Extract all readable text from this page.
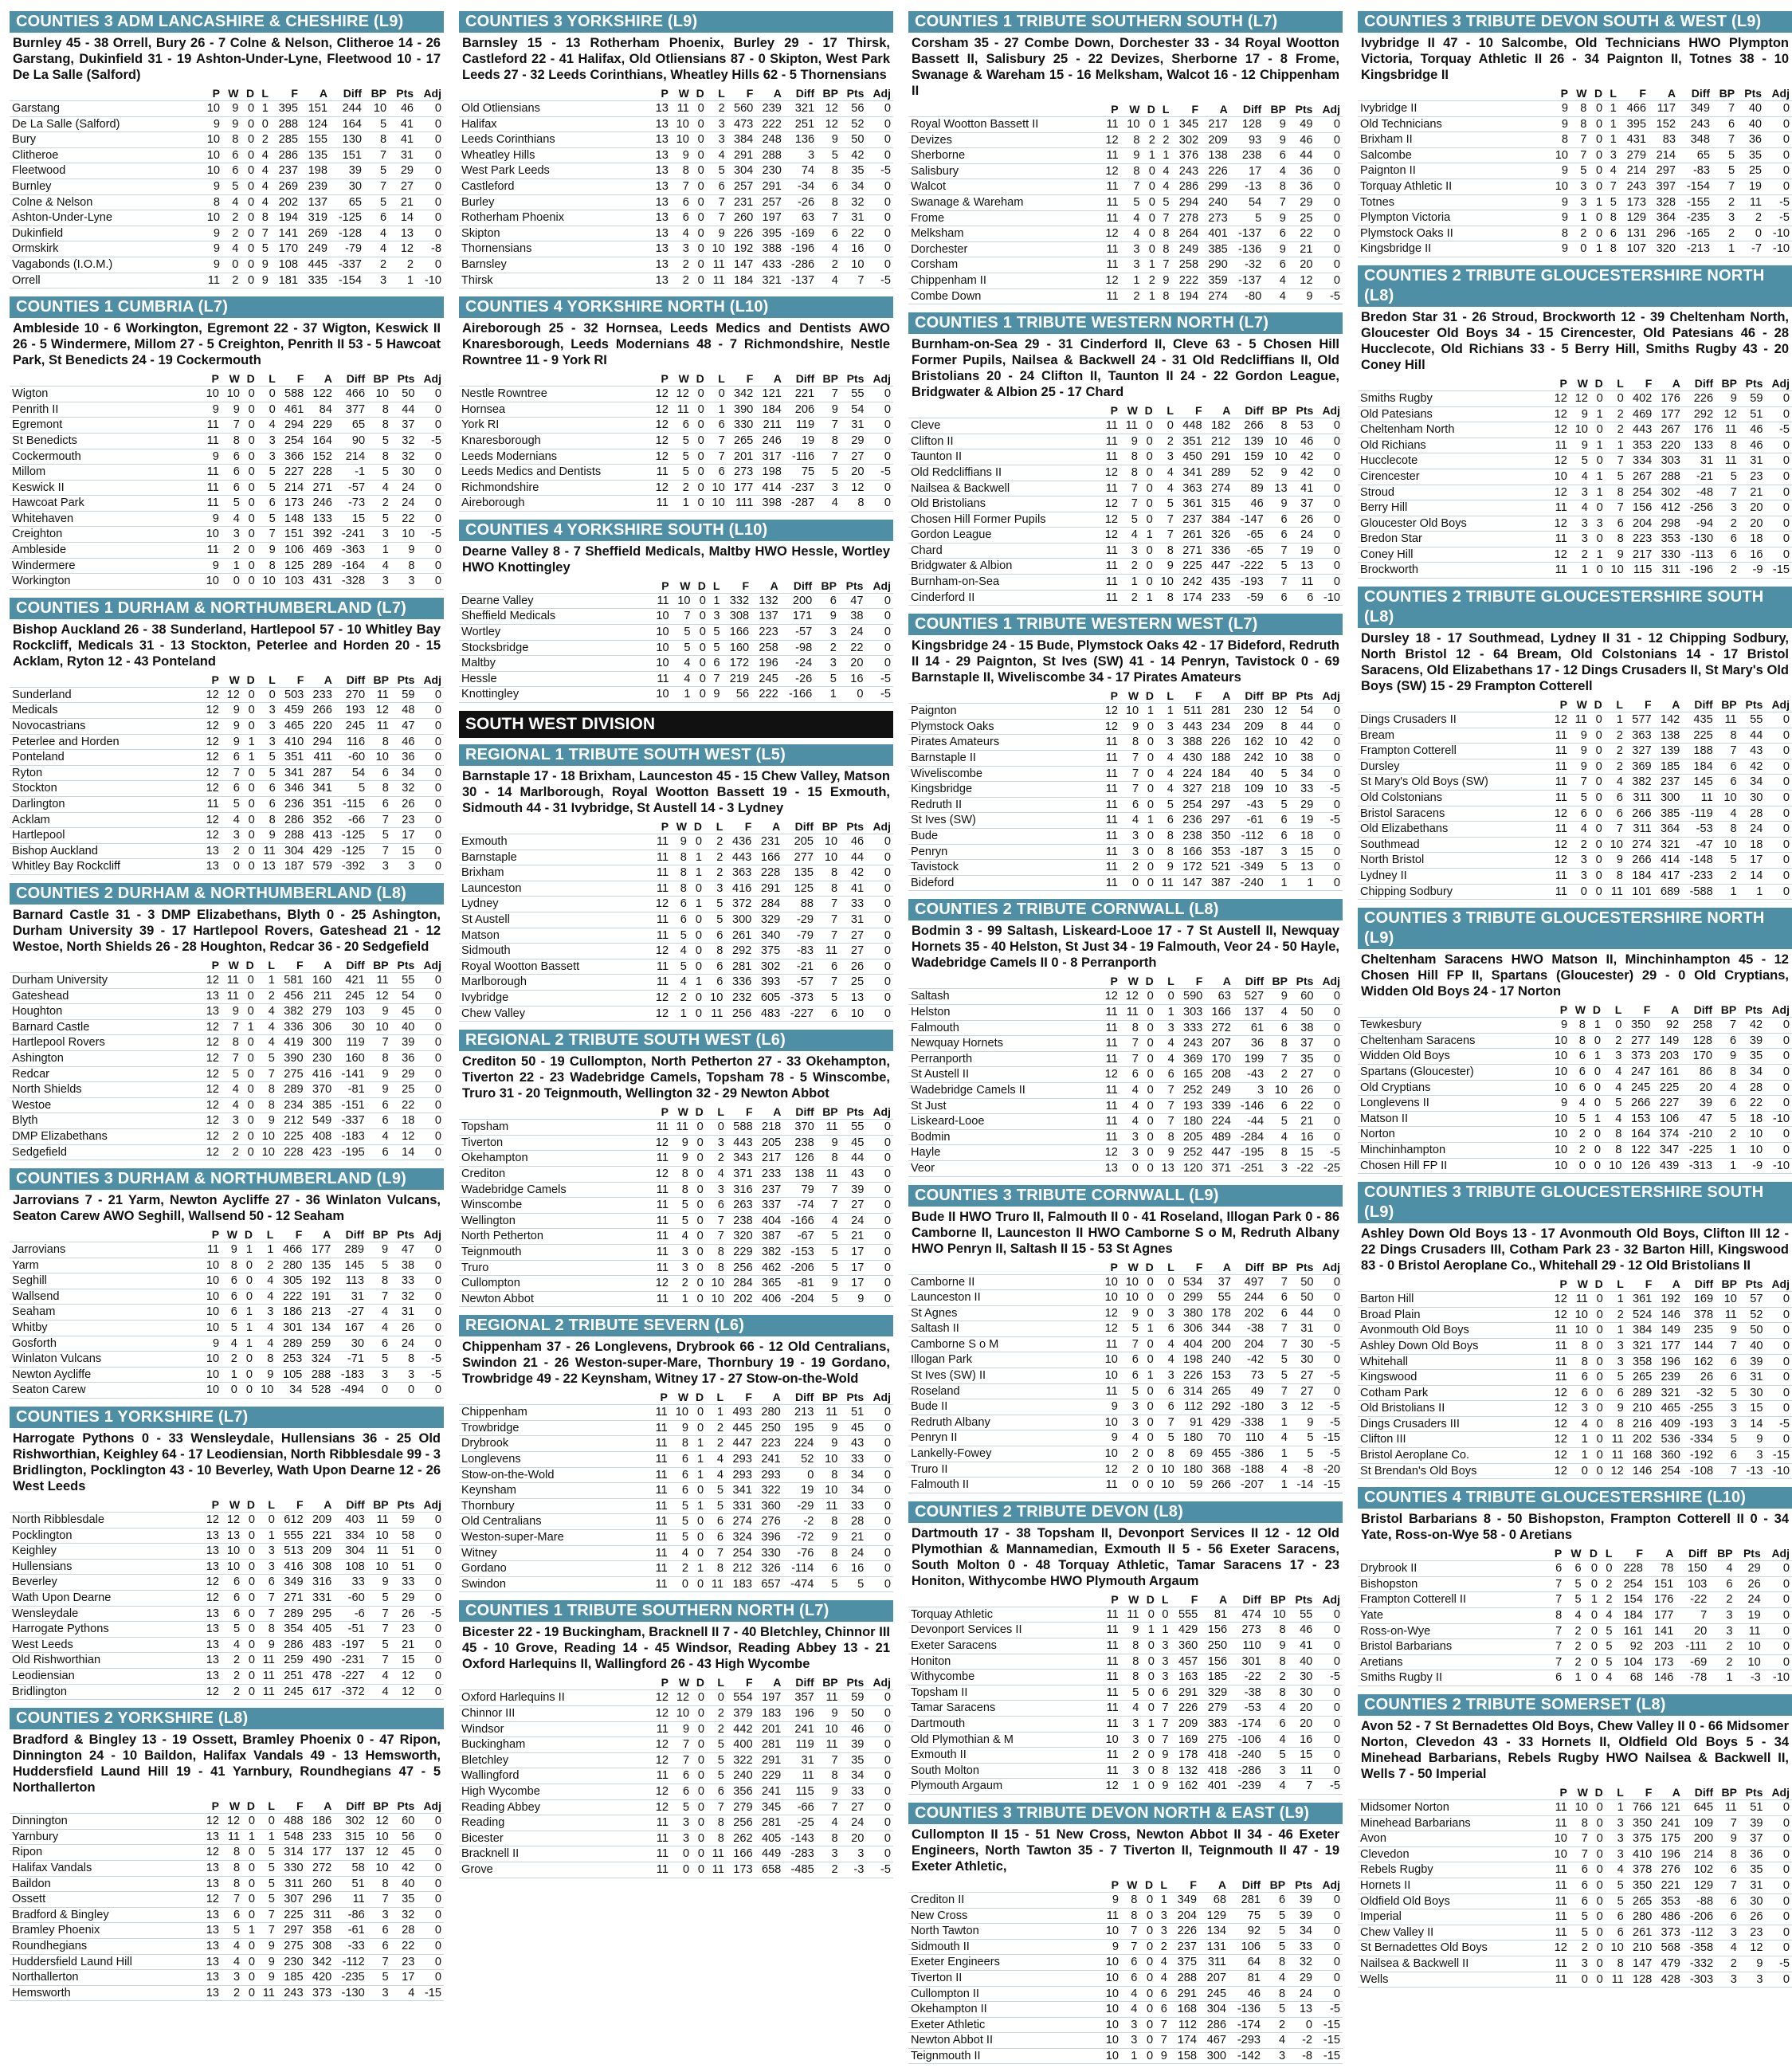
COUNTIES 3 ADM LANCASHIRE & CHESHIRE (L9)
Burnley 45 - 38 Orrell, Bury 26 - 7 Colne & Nelson, Clitheroe 14 - 26 Garstang, Dukinfield 31 - 19 Ashton-Under-Lyne, Fleetwood 10 - 17 De La Salle (Salford)
	P	W	D	L	F	A	Diff	BP	Pts	Adj
Garstang	10	9	0	1	395	151	244	10	46	0
De La Salle (Salford)	9	9	0	0	288	124	164	5	41	0
Bury	10	8	0	2	285	155	130	8	41	0
Clitheroe	10	6	0	4	286	135	151	7	31	0
Fleetwood	10	6	0	4	237	198	39	5	29	0
Burnley	9	5	0	4	269	239	30	7	27	0
Colne & Nelson	8	4	0	4	202	137	65	5	21	0
Ashton-Under-Lyne	10	2	0	8	194	319	-125	6	14	0
Dukinfield	9	2	0	7	141	269	-128	4	13	0
Ormskirk	9	4	0	5	170	249	-79	4	12	-8
Vagabonds (I.O.M.)	9	0	0	9	108	445	-337	2	2	0
Orrell	11	2	0	9	181	335	-154	3	1	-10
COUNTIES 1 CUMBRIA (L7)
Ambleside 10 - 6 Workington, Egremont 22 - 37 Wigton, Keswick II 26 - 5 Windermere, Millom 27 - 5 Creighton, Penrith II 53 - 5 Hawcoat Park, St Benedicts 24 - 19 Cockermouth
	P	W	D	L	F	A	Diff	BP	Pts	Adj
Wigton	10	10	0	0	588	122	466	10	50	0
Penrith II	9	9	0	0	461	84	377	8	44	0
Egremont	11	7	0	4	294	229	65	8	37	0
St Benedicts	11	8	0	3	254	164	90	5	32	-5
Cockermouth	9	6	0	3	366	152	214	8	32	0
Millom	11	6	0	5	227	228	-1	5	30	0
Keswick II	11	6	0	5	214	271	-57	4	24	0
Hawcoat Park	11	5	0	6	173	246	-73	2	24	0
Whitehaven	9	4	0	5	148	133	15	5	22	0
Creighton	10	3	0	7	151	392	-241	3	10	-5
Ambleside	11	2	0	9	106	469	-363	1	9	0
Windermere	9	1	0	8	125	289	-164	4	8	0
Workington	10	0	0	10	103	431	-328	3	3	0
COUNTIES 1 DURHAM & NORTHUMBERLAND (L7)
Bishop Auckland 26 - 38 Sunderland, Hartlepool 57 - 10 Whitley Bay Rockcliff, Medicals 31 - 13 Stockton, Peterlee and Horden 20 - 15 Acklam, Ryton 12 - 43 Ponteland
	P	W	D	L	F	A	Diff	BP	Pts	Adj
Sunderland	12	12	0	0	503	233	270	11	59	0
Medicals	12	9	0	3	459	266	193	12	48	0
Novocastrians	12	9	0	3	465	220	245	11	47	0
Peterlee and Horden	12	9	1	3	410	294	116	8	46	0
Ponteland	12	6	1	5	351	411	-60	10	36	0
Ryton	12	7	0	5	341	287	54	6	34	0
Stockton	12	6	0	6	346	341	5	8	32	0
Darlington	11	5	0	6	236	351	-115	6	26	0
Acklam	12	4	0	8	286	352	-66	7	23	0
Hartlepool	12	3	0	9	288	413	-125	5	17	0
Bishop Auckland	13	2	0	11	304	429	-125	7	15	0
Whitley Bay Rockcliff	13	0	0	13	187	579	-392	3	3	0
COUNTIES 2 DURHAM & NORTHUMBERLAND (L8)
Barnard Castle 31 - 3 DMP Elizabethans, Blyth 0 - 25 Ashington, Durham University 39 - 17 Hartlepool Rovers, Gateshead 21 - 12 Westoe, North Shields 26 - 28 Houghton, Redcar 36 - 20 Sedgefield
	P	W	D	L	F	A	Diff	BP	Pts	Adj
Durham University	12	11	0	1	581	160	421	11	55	0
Gateshead	13	11	0	2	456	211	245	12	54	0
Houghton	13	9	0	4	382	279	103	9	45	0
Barnard Castle	12	7	1	4	336	306	30	10	40	0
Hartlepool Rovers	12	8	0	4	419	300	119	7	39	0
Ashington	12	7	0	5	390	230	160	8	36	0
Redcar	12	5	0	7	275	416	-141	9	29	0
North Shields	12	4	0	8	289	370	-81	9	25	0
Westoe	12	4	0	8	234	385	-151	6	22	0
Blyth	12	3	0	9	212	549	-337	6	18	0
DMP Elizabethans	12	2	0	10	225	408	-183	4	12	0
Sedgefield	12	2	0	10	228	423	-195	6	14	0
COUNTIES 3 DURHAM & NORTHUMBERLAND (L9)
Jarrovians 7 - 21 Yarm, Newton Aycliffe 27 - 36 Winlaton Vulcans, Seaton Carew AWO Seghill, Wallsend 50 - 12 Seaham
	P	W	D	L	F	A	Diff	BP	Pts	Adj
Jarrovians	11	9	1	1	466	177	289	9	47	0
Yarm	10	8	0	2	280	135	145	5	38	0
Seghill	10	6	0	4	305	192	113	8	33	0
Wallsend	10	6	0	4	222	191	31	7	32	0
Seaham	10	6	1	3	186	213	-27	4	31	0
Whitby	10	5	1	4	301	134	167	4	26	0
Gosforth	9	4	1	4	289	259	30	6	24	0
Winlaton Vulcans	10	2	0	8	253	324	-71	5	8	-5
Newton Aycliffe	10	1	0	9	105	288	-183	3	3	-5
Seaton Carew	10	0	0	10	34	528	-494	0	0	0
COUNTIES 1 YORKSHIRE (L7)
Harrogate Pythons 0 - 33 Wensleydale, Hullensians 36 - 25 Old Rishworthian, Keighley 64 - 17 Leodiensian, North Ribblesdale 99 - 3 Bridlington, Pocklington 43 - 10 Beverley, Wath Upon Dearne 12 - 26 West Leeds
	P	W	D	L	F	A	Diff	BP	Pts	Adj
North Ribblesdale	12	12	0	0	612	209	403	11	59	0
Pocklington	13	13	0	1	555	221	334	10	58	0
Keighley	13	10	0	3	513	209	304	11	51	0
Hullensians	13	10	0	3	416	308	108	10	51	0
Beverley	12	6	0	6	349	316	33	9	33	0
Wath Upon Dearne	12	6	0	7	271	331	-60	5	29	0
Wensleydale	13	6	0	7	289	295	-6	7	26	-5
Harrogate Pythons	13	5	0	8	354	405	-51	7	23	0
West Leeds	13	4	0	9	286	483	-197	5	21	0
Old Rishworthian	13	2	0	11	259	490	-231	7	15	0
Leodiensian	13	2	0	11	251	478	-227	4	12	0
Bridlington	12	2	0	11	245	617	-372	4	12	0
COUNTIES 2 YORKSHIRE (L8)
Bradford & Bingley 13 - 19 Ossett, Bramley Phoenix 0 - 47 Ripon, Dinnington 24 - 10 Baildon, Halifax Vandals 49 - 13 Hemsworth, Huddersfield Laund Hill 19 - 41 Yarnbury, Roundhegians 47 - 5 Northallerton
	P	W	D	L	F	A	Diff	BP	Pts	Adj
Dinnington	12	12	0	0	488	186	302	12	60	0
Yarnbury	13	11	1	1	548	233	315	10	56	0
Ripon	12	8	0	5	314	177	137	12	45	0
Halifax Vandals	13	8	0	5	330	272	58	10	42	0
Baildon	13	8	0	5	311	260	51	8	40	0
Ossett	12	7	0	5	307	296	11	7	35	0
Bradford & Bingley	13	6	0	7	225	311	-86	3	32	0
Bramley Phoenix	13	5	1	7	297	358	-61	6	28	0
Roundhegians	13	4	0	9	275	308	-33	6	22	0
Huddersfield Laund Hill	13	4	0	9	230	342	-112	7	23	0
Northallerton	13	3	0	9	185	420	-235	5	17	0
Hemsworth	13	2	0	11	243	373	-130	3	4	-15
COUNTIES 3 YORKSHIRE (L9)
Barnsley 15 - 13 Rotherham Phoenix, Burley 29 - 17 Thirsk, Castleford 22 - 41 Halifax, Old Otliensians 87 - 0 Skipton, West Park Leeds 27 - 32 Leeds Corinthians, Wheatley Hills 62 - 5 Thornensians
	P	W	D	L	F	A	Diff	BP	Pts	Adj
Old Otliensians	13	11	0	2	560	239	321	12	56	0
Halifax	13	10	0	3	473	222	251	12	52	0
Leeds Corinthians	13	10	0	3	384	248	136	9	50	0
Wheatley Hills	13	9	0	4	291	288	3	5	42	0
West Park Leeds	13	8	0	5	304	230	74	8	35	-5
Castleford	13	7	0	6	257	291	-34	6	34	0
Burley	13	6	0	7	231	257	-26	8	32	0
Rotherham Phoenix	13	6	0	7	260	197	63	7	31	0
Skipton	13	4	0	9	226	395	-169	6	22	0
Thornensians	13	3	0	10	192	388	-196	4	16	0
Barnsley	13	2	0	11	147	433	-286	2	10	0
Thirsk	13	2	0	11	184	321	-137	4	7	-5
COUNTIES 4 YORKSHIRE NORTH (L10)
Aireborough 25 - 32 Hornsea, Leeds Medics and Dentists AWO Knaresborough, Leeds Modernians 48 - 7 Richmondshire, Nestle Rowntree 11 - 9 York RI
	P	W	D	L	F	A	Diff	BP	Pts	Adj
Nestle Rowntree	12	12	0	0	342	121	221	7	55	0
Hornsea	12	11	0	1	390	184	206	9	54	0
York RI	12	6	0	6	330	211	119	7	31	0
Knaresborough	12	5	0	7	265	246	19	8	29	0
Leeds Modernians	12	5	0	7	201	317	-116	7	27	0
Leeds Medics and Dentists	11	5	0	6	273	198	75	5	20	-5
Richmondshire	12	2	0	10	177	414	-237	3	12	0
Aireborough	11	1	0	10	111	398	-287	4	8	0
COUNTIES 4 YORKSHIRE SOUTH (L10)
Dearne Valley 8 - 7 Sheffield Medicals, Maltby HWO Hessle, Wortley HWO Knottingley
	P	W	D	L	F	A	Diff	BP	Pts	Adj
Dearne Valley	11	10	0	1	332	132	200	6	47	0
Sheffield Medicals	10	7	0	3	308	137	171	9	38	0
Wortley	10	5	0	5	166	223	-57	3	24	0
Stocksbridge	10	5	0	5	160	258	-98	2	22	0
Maltby	10	4	0	6	172	196	-24	3	20	0
Hessle	11	4	0	7	219	245	-26	5	16	-5
Knottingley	10	1	0	9	56	222	-166	1	0	-5
SOUTH WEST DIVISION
REGIONAL 1 TRIBUTE SOUTH WEST (L5)
Barnstaple 17 - 18 Brixham, Launceston 45 - 15 Chew Valley, Matson 30 - 14 Marlborough, Royal Wootton Bassett 19 - 15 Exmouth, Sidmouth 44 - 31 Ivybridge, St Austell 14 - 3 Lydney
	P	W	D	L	F	A	Diff	BP	Pts	Adj
Exmouth	11	9	0	2	436	231	205	10	46	0
Barnstaple	11	8	1	2	443	166	277	10	44	0
Brixham	11	8	1	2	363	228	135	8	42	0
Launceston	11	8	0	3	416	291	125	8	41	0
Lydney	12	6	1	5	372	284	88	7	33	0
St Austell	11	6	0	5	300	329	-29	7	31	0
Matson	11	5	0	6	261	340	-79	7	27	0
Sidmouth	12	4	0	8	292	375	-83	11	27	0
Royal Wootton Bassett	11	5	0	6	281	302	-21	6	26	0
Marlborough	11	4	1	6	336	393	-57	7	25	0
Ivybridge	12	2	0	10	232	605	-373	5	13	0
Chew Valley	12	1	0	11	256	483	-227	6	10	0
REGIONAL 2 TRIBUTE SOUTH WEST (L6)
Crediton 50 - 19 Cullompton, North Petherton 27 - 33 Okehampton, Tiverton 22 - 23 Wadebridge Camels, Topsham 78 - 5 Winscombe, Truro 31 - 20 Teignmouth, Wellington 32 - 29 Newton Abbot
	P	W	D	L	F	A	Diff	BP	Pts	Adj
Topsham	11	11	0	0	588	218	370	11	55	0
Tiverton	12	9	0	3	443	205	238	9	45	0
Okehampton	11	9	0	2	343	217	126	8	44	0
Crediton	12	8	0	4	371	233	138	11	43	0
Wadebridge Camels	11	8	0	3	316	237	79	7	39	0
Winscombe	11	5	0	6	263	337	-74	7	27	0
Wellington	11	5	0	7	238	404	-166	4	24	0
North Petherton	11	4	0	7	320	387	-67	5	21	0
Teignmouth	11	3	0	8	229	382	-153	5	17	0
Truro	11	3	0	8	256	462	-206	5	17	0
Cullompton	12	2	0	10	284	365	-81	9	17	0
Newton Abbot	11	1	0	10	202	406	-204	5	9	0
REGIONAL 2 TRIBUTE SEVERN (L6)
Chippenham 37 - 26 Longlevens, Drybrook 66 - 12 Old Centralians, Swindon 21 - 26 Weston-super-Mare, Thornbury 19 - 19 Gordano, Trowbridge 49 - 22 Keynsham, Witney 17 - 27 Stow-on-the-Wold
	P	W	D	L	F	A	Diff	BP	Pts	Adj
Chippenham	11	10	0	1	493	280	213	11	51	0
Trowbridge	11	9	0	2	445	250	195	9	45	0
Drybrook	11	8	1	2	447	223	224	9	43	0
Longlevens	11	6	1	4	293	241	52	10	33	0
Stow-on-the-Wold	11	6	1	4	293	293	0	8	34	0
Keynsham	11	6	0	5	341	322	19	10	34	0
Thornbury	11	5	1	5	331	360	-29	11	33	0
Old Centralians	11	5	0	6	274	276	-2	8	28	0
Weston-super-Mare	11	5	0	6	324	396	-72	9	21	0
Witney	11	4	0	7	254	330	-76	8	24	0
Gordano	11	2	1	8	212	326	-114	6	16	0
Swindon	11	0	0	11	183	657	-474	5	5	0
COUNTIES 1 TRIBUTE SOUTHERN NORTH (L7)
Bicester 22 - 19 Buckingham, Bracknell II 7 - 40 Bletchley, Chinnor III 45 - 10 Grove, Reading 14 - 45 Windsor, Reading Abbey 13 - 21 Oxford Harlequins II, Wallingford 26 - 43 High Wycombe
	P	W	D	L	F	A	Diff	BP	Pts	Adj
Oxford Harlequins II	12	12	0	0	554	197	357	11	59	0
Chinnor III	12	10	0	2	379	183	196	9	50	0
Windsor	11	9	0	2	442	201	241	10	46	0
Buckingham	12	7	0	5	400	281	119	11	39	0
Bletchley	12	7	0	5	322	291	31	7	35	0
Wallingford	11	6	0	5	240	229	11	8	34	0
High Wycombe	12	6	0	6	356	241	115	9	33	0
Reading Abbey	12	5	0	7	279	345	-66	7	27	0
Reading	11	3	0	8	256	281	-25	4	24	0
Bicester	11	3	0	8	262	405	-143	8	20	0
Bracknell II	11	0	0	11	166	449	-283	3	3	0
Grove	11	0	0	11	173	658	-485	2	-3	-5
COUNTIES 1 TRIBUTE SOUTHERN SOUTH (L7)
Corsham 35 - 27 Combe Down, Dorchester 33 - 34 Royal Wootton Bassett II, Salisbury 25 - 22 Devizes, Sherborne 17 - 8 Frome, Swanage & Wareham 15 - 16 Melksham, Walcot 16 - 12 Chippenham II
	P	W	D	L	F	A	Diff	BP	Pts	Adj
Royal Wootton Bassett II	11	10	0	1	345	217	128	9	49	0
Devizes	12	8	2	2	302	209	93	9	46	0
Sherborne	11	9	1	1	376	138	238	6	44	0
Salisbury	12	8	0	4	243	226	17	4	36	0
Walcot	11	7	0	4	286	299	-13	8	36	0
Swanage & Wareham	11	5	0	5	294	240	54	7	29	0
Frome	11	4	0	7	278	273	5	9	25	0
Melksham	12	4	0	8	264	401	-137	6	22	0
Dorchester	11	3	0	8	249	385	-136	9	21	0
Corsham	11	3	1	7	258	290	-32	6	20	0
Chippenham II	12	1	2	9	222	359	-137	4	12	0
Combe Down	11	2	1	8	194	274	-80	4	9	-5
COUNTIES 1 TRIBUTE WESTERN NORTH (L7)
Burnham-on-Sea 29 - 31 Cinderford II, Cleve 63 - 5 Chosen Hill Former Pupils, Nailsea & Backwell 24 - 31 Old Redcliffians II, Old Bristolians 20 - 24 Clifton II, Taunton II 24 - 22 Gordon League, Bridgwater & Albion 25 - 17 Chard
	P	W	D	L	F	A	Diff	BP	Pts	Adj
Cleve	11	11	0	0	448	182	266	8	53	0
Clifton II	11	9	0	2	351	212	139	10	46	0
Taunton II	11	8	0	3	450	291	159	10	42	0
Old Redcliffians II	12	8	0	4	341	289	52	9	42	0
Nailsea & Backwell	11	7	0	4	363	274	89	13	41	0
Old Bristolians	12	7	0	5	361	315	46	9	37	0
Chosen Hill Former Pupils	12	5	0	7	237	384	-147	6	26	0
Gordon League	12	4	1	7	261	326	-65	6	24	0
Chard	11	3	0	8	271	336	-65	7	19	0
Bridgwater & Albion	11	2	0	9	225	447	-222	5	13	0
Burnham-on-Sea	11	1	0	10	242	435	-193	7	11	0
Cinderford II	11	2	1	8	174	233	-59	6	6	-10
COUNTIES 1 TRIBUTE WESTERN WEST (L7)
Kingsbridge 24 - 15 Bude, Plymstock Oaks 42 - 17 Bideford, Redruth II 14 - 29 Paignton, St Ives (SW) 41 - 14 Penryn, Tavistock 0 - 69 Barnstaple II, Wiveliscombe 34 - 17 Pirates Amateurs
	P	W	D	L	F	A	Diff	BP	Pts	Adj
Paignton	12	10	1	1	511	281	230	12	54	0
Plymstock Oaks	12	9	0	3	443	234	209	8	44	0
Pirates Amateurs	11	8	0	3	388	226	162	10	42	0
Barnstaple II	11	7	0	4	430	188	242	10	38	0
Wiveliscombe	11	7	0	4	224	184	40	5	34	0
Kingsbridge	11	7	0	4	327	218	109	10	33	-5
Redruth II	11	6	0	5	254	297	-43	5	29	0
St Ives (SW)	11	4	1	6	236	297	-61	6	19	-5
Bude	11	3	0	8	238	350	-112	6	18	0
Penryn	11	3	0	8	166	353	-187	3	15	0
Tavistock	11	2	0	9	172	521	-349	5	13	0
Bideford	11	0	0	11	147	387	-240	1	1	0
COUNTIES 2 TRIBUTE CORNWALL (L8)
Bodmin 3 - 99 Saltash, Liskeard-Looe 17 - 7 St Austell II, Newquay Hornets 35 - 40 Helston, St Just 34 - 19 Falmouth, Veor 24 - 50 Hayle, Wadebridge Camels II 0 - 8 Perranporth
	P	W	D	L	F	A	Diff	BP	Pts	Adj
Saltash	12	12	0	0	590	63	527	9	60	0
Helston	11	11	0	1	303	166	137	4	50	0
Falmouth	11	8	0	3	333	272	61	6	38	0
Newquay Hornets	11	7	0	4	243	207	36	8	37	0
Perranporth	11	7	0	4	369	170	199	7	35	0
St Austell II	12	6	0	6	165	208	-43	2	27	0
Wadebridge Camels II	11	4	0	7	252	249	3	10	26	0
St Just	11	4	0	7	193	339	-146	6	22	0
Liskeard-Looe	11	4	0	7	180	224	-44	5	21	0
Bodmin	11	3	0	8	205	489	-284	4	16	0
Hayle	12	3	0	9	252	447	-195	8	15	-5
Veor	13	0	0	13	120	371	-251	3	-22	-25
COUNTIES 3 TRIBUTE CORNWALL (L9)
Bude II HWO Truro II, Falmouth II 0 - 41 Roseland, Illogan Park 0 - 86 Camborne II, Launceston II HWO Camborne S o M, Redruth Albany HWO Penryn II, Saltash II 15 - 53 St Agnes
	P	W	D	L	F	A	Diff	BP	Pts	Adj
Camborne II	10	10	0	0	534	37	497	7	50	0
Launceston II	10	10	0	0	299	55	244	6	50	0
St Agnes	12	9	0	3	380	178	202	6	44	0
Saltash II	12	5	1	6	306	344	-38	7	31	0
Camborne S o M	11	7	0	4	404	200	204	7	30	-5
Illogan Park	10	6	0	4	198	240	-42	5	30	0
St Ives (SW) II	10	6	1	3	226	153	73	5	27	-5
Roseland	11	5	0	6	314	265	49	7	27	0
Bude II	9	3	0	6	112	292	-180	3	12	-5
Redruth Albany	10	3	0	7	91	429	-338	1	9	-5
Penryn II	9	4	0	5	180	70	110	4	5	-15
Lankelly-Fowey	10	2	0	8	69	455	-386	1	5	-5
Truro II	12	2	0	10	180	368	-188	4	-8	-20
Falmouth II	11	0	0	10	59	266	-207	1	-14	-15
COUNTIES 2 TRIBUTE DEVON (L8)
Dartmouth 17 - 38 Topsham II, Devonport Services II 12 - 12 Old Plymothian & Mannamedian, Exmouth II 5 - 56 Exeter Saracens, South Molton 0 - 48 Torquay Athletic, Tamar Saracens 17 - 23 Honiton, Withycombe HWO Plymouth Argaum
	P	W	D	L	F	A	Diff	BP	Pts	Adj
Torquay Athletic	11	11	0	0	555	81	474	10	55	0
Devonport Services II	11	9	1	1	429	156	273	8	46	0
Exeter Saracens	11	8	0	3	360	250	110	9	41	0
Honiton	11	8	0	3	457	156	301	8	40	0
Withycombe	11	8	0	3	163	185	-22	2	30	-5
Topsham II	11	5	0	6	291	329	-38	8	30	0
Tamar Saracens	11	4	0	7	226	279	-53	4	20	0
Dartmouth	11	3	1	7	209	383	-174	6	20	0
Old Plymothian & M	10	3	0	7	169	275	-106	4	16	0
Exmouth II	11	2	0	9	178	418	-240	5	15	0
South Molton	11	3	0	8	132	418	-286	3	11	0
Plymouth Argaum	12	1	0	9	162	401	-239	4	7	-5
COUNTIES 3 TRIBUTE DEVON NORTH & EAST (L9)
Cullompton II 15 - 51 New Cross, Newton Abbot II 34 - 46 Exeter Engineers, North Tawton 35 - 7 Tiverton II, Teignmouth II 47 - 19 Exeter Athletic,
	P	W	D	L	F	A	Diff	BP	Pts	Adj
Crediton II	9	8	0	1	349	68	281	6	39	0
New Cross	11	8	0	3	204	129	75	5	39	0
North Tawton	10	7	0	3	226	134	92	5	34	0
Sidmouth II	9	7	0	2	237	131	106	5	33	0
Exeter Engineers	10	6	0	4	375	311	64	8	32	0
Tiverton II	10	6	0	4	288	207	81	4	29	0
Cullompton II	10	4	0	6	291	245	46	8	24	0
Okehampton II	10	4	0	6	168	304	-136	5	13	-5
Exeter Athletic	10	3	0	7	112	286	-174	2	0	-15
Newton Abbot II	10	3	0	7	174	467	-293	4	-2	-15
Teignmouth II	10	1	0	9	158	300	-142	3	-8	-15
COUNTIES 3 TRIBUTE DEVON SOUTH & WEST (L9)
Ivybridge II 47 - 10 Salcombe, Old Technicians HWO Plympton Victoria, Torquay Athletic II 26 - 34 Paignton II, Totnes 38 - 10 Kingsbridge II
	P	W	D	L	F	A	Diff	BP	Pts	Adj
Ivybridge II	9	8	0	1	466	117	349	7	40	0
Old Technicians	9	8	0	1	395	152	243	6	40	0
Brixham II	8	7	0	1	431	83	348	7	36	0
Salcombe	10	7	0	3	279	214	65	5	35	0
Paignton II	9	5	0	4	214	297	-83	5	25	0
Torquay Athletic II	10	3	0	7	243	397	-154	7	19	0
Totnes	9	3	1	5	173	328	-155	2	11	-5
Plympton Victoria	9	1	0	8	129	364	-235	3	2	-5
Plymstock Oaks II	8	2	0	6	131	296	-165	2	0	-10
Kingsbridge II	9	0	1	8	107	320	-213	1	-7	-10
COUNTIES 2 TRIBUTE GLOUCESTERSHIRE NORTH (L8)
Bredon Star 31 - 26 Stroud, Brockworth 12 - 39 Cheltenham North, Gloucester Old Boys 34 - 15 Cirencester, Old Patesians 46 - 28 Hucclecote, Old Richians 33 - 5 Berry Hill, Smiths Rugby 43 - 20 Coney Hill
	P	W	D	L	F	A	Diff	BP	Pts	Adj
Smiths Rugby	12	12	0	0	402	176	226	9	59	0
Old Patesians	12	9	1	2	469	177	292	12	51	0
Cheltenham North	12	10	0	2	443	267	176	11	46	-5
Old Richians	11	9	1	1	353	220	133	8	46	0
Hucclecote	12	5	0	7	334	303	31	11	31	0
Cirencester	10	4	1	5	267	288	-21	5	23	0
Stroud	12	3	1	8	254	302	-48	7	21	0
Berry Hill	11	4	0	7	156	412	-256	3	20	0
Gloucester Old Boys	12	3	3	6	204	298	-94	2	20	0
Bredon Star	11	3	0	8	223	353	-130	6	18	0
Coney Hill	12	2	1	9	217	330	-113	6	16	0
Brockworth	11	1	0	10	115	311	-196	2	-9	-15
COUNTIES 2 TRIBUTE GLOUCESTERSHIRE SOUTH (L8)
Dursley 18 - 17 Southmead, Lydney II 31 - 12 Chipping Sodbury, North Bristol 12 - 64 Bream, Old Colstonians 14 - 17 Bristol Saracens, Old Elizabethans 17 - 12 Dings Crusaders II, St Mary's Old Boys (SW) 15 - 29 Frampton Cotterell
	P	W	D	L	F	A	Diff	BP	Pts	Adj
Dings Crusaders II	12	11	0	1	577	142	435	11	55	0
Bream	11	9	0	2	363	138	225	8	44	0
Frampton Cotterell	11	9	0	2	327	139	188	7	43	0
Dursley	11	9	0	2	369	185	184	6	42	0
St Mary's Old Boys (SW)	11	7	0	4	382	237	145	6	34	0
Old Colstonians	11	5	0	6	311	300	11	10	30	0
Bristol Saracens	12	6	0	6	266	385	-119	4	28	0
Old Elizabethans	11	4	0	7	311	364	-53	8	24	0
Southmead	12	2	0	10	274	321	-47	10	18	0
North Bristol	12	3	0	9	266	414	-148	5	17	0
Lydney II	11	3	0	8	184	417	-233	2	14	0
Chipping Sodbury	11	0	0	11	101	689	-588	1	1	0
COUNTIES 3 TRIBUTE GLOUCESTERSHIRE NORTH (L9)
Cheltenham Saracens HWO Matson II, Minchinhampton 45 - 12 Chosen Hill FP II, Spartans (Gloucester) 29 - 0 Old Cryptians, Widden Old Boys 24 - 17 Norton
	P	W	D	L	F	A	Diff	BP	Pts	Adj
Tewkesbury	9	8	1	0	350	92	258	7	42	0
Cheltenham Saracens	10	8	0	2	277	149	128	6	39	0
Widden Old Boys	10	6	1	3	373	203	170	9	35	0
Spartans (Gloucester)	10	6	0	4	247	161	86	8	34	0
Old Cryptians	10	6	0	4	245	225	20	4	28	0
Longlevens II	9	4	0	5	266	227	39	6	22	0
Matson II	10	5	1	4	153	106	47	5	18	-10
Norton	10	2	0	8	164	374	-210	2	10	0
Minchinhampton	10	2	0	8	122	347	-225	1	10	0
Chosen Hill FP II	10	0	0	10	126	439	-313	1	-9	-10
COUNTIES 3 TRIBUTE GLOUCESTERSHIRE SOUTH (L9)
Ashley Down Old Boys 13 - 17 Avonmouth Old Boys, Clifton III 12 - 22 Dings Crusaders III, Cotham Park 23 - 32 Barton Hill, Kingswood 83 - 0 Bristol Aeroplane Co., Whitehall 29 - 12 Old Bristolians II
	P	W	D	L	F	A	Diff	BP	Pts	Adj
Barton Hill	12	11	0	1	361	192	169	10	57	0
Broad Plain	12	10	0	2	524	146	378	11	52	0
Avonmouth Old Boys	11	10	0	1	384	149	235	9	50	0
Ashley Down Old Boys	11	8	0	3	321	177	144	7	40	0
Whitehall	11	8	0	3	358	196	162	6	39	0
Kingswood	11	6	0	5	265	239	26	6	31	0
Cotham Park	12	6	0	6	289	321	-32	5	30	0
Old Bristolians II	12	3	0	9	210	465	-255	3	15	0
Dings Crusaders III	12	4	0	8	216	409	-193	3	14	-5
Clifton III	12	1	0	11	202	536	-334	5	9	0
Bristol Aeroplane Co.	12	1	0	11	168	360	-192	6	3	-15
St Brendan's Old Boys	12	0	0	12	146	254	-108	7	-13	-10
COUNTIES 4 TRIBUTE GLOUCESTERSHIRE (L10)
Bristol Barbarians 8 - 50 Bishopston, Frampton Cotterell II 0 - 34 Yate, Ross-on-Wye 58 - 0 Aretians
	P	W	D	L	F	A	Diff	BP	Pts	Adj
Drybrook II	6	6	0	0	228	78	150	4	29	0
Bishopston	7	5	0	2	254	151	103	6	26	0
Frampton Cotterell II	7	5	1	2	154	176	-22	2	24	0
Yate	8	4	0	4	184	177	7	3	19	0
Ross-on-Wye	7	2	0	5	161	141	20	3	11	0
Bristol Barbarians	7	2	0	5	92	203	-111	2	10	0
Aretians	7	2	0	5	104	173	-69	2	10	0
Smiths Rugby II	6	1	0	4	68	146	-78	1	-3	-10
COUNTIES 2 TRIBUTE SOMERSET (L8)
Avon 52 - 7 St Bernadettes Old Boys, Chew Valley II 0 - 66 Midsomer Norton, Clevedon 43 - 33 Hornets II, Oldfield Old Boys 5 - 34 Minehead Barbarians, Rebels Rugby HWO Nailsea & Backwell II, Wells 7 - 50 Imperial
	P	W	D	L	F	A	Diff	BP	Pts	Adj
Midsomer Norton	11	10	0	1	766	121	645	11	51	0
Minehead Barbarians	11	8	0	3	350	241	109	7	39	0
Avon	10	7	0	3	375	175	200	9	37	0
Clevedon	10	7	0	3	410	196	214	8	36	0
Rebels Rugby	11	6	0	4	378	276	102	6	35	0
Hornets II	11	6	0	5	350	221	129	7	31	0
Oldfield Old Boys	11	6	0	5	265	353	-88	6	30	0
Imperial	11	5	0	6	280	486	-206	6	26	0
Chew Valley II	11	5	0	6	261	373	-112	3	23	0
St Bernadettes Old Boys	12	2	0	10	210	568	-358	4	12	0
Nailsea & Backwell II	11	3	0	8	147	479	-332	2	9	-5
Wells	11	0	0	11	128	428	-303	3	3	0
